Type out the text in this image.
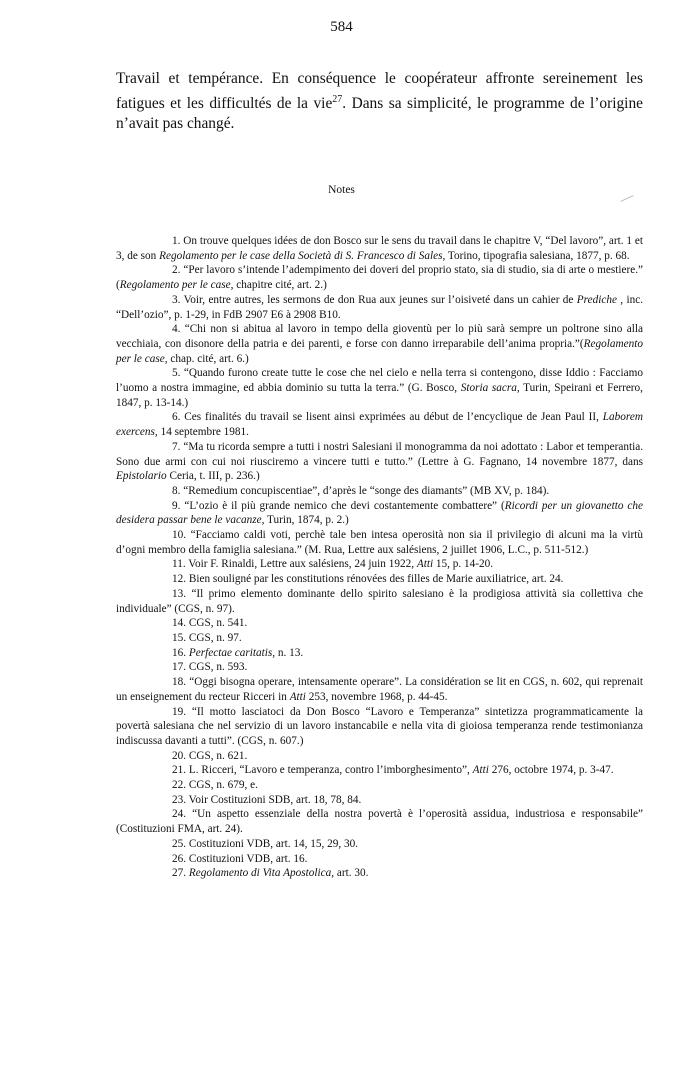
584

Travail et tempérance. En conséquence le coopérateur affronte sereinement les fatigues et les difficultés de la vie$^{27}$. Dans sa simplicité, le programme de l’origine n’avait pas changé.

Notes
1 . On trouve quelques idées de don Bosco sur le sens du travail dans le chapitre V, “Del lavoro”, art. 1 et 3, de son Regolamento per le case della Società di S. Francesco di Sales, Torino, tipografia salesiana, 1877, p. 68.
2 . “Per lavoro s’intende l’adempimento dei doveri del proprio stato, sia di studio, sia di arte o mestiere.” (Regolamento per le case, chapitre cité, art. 2.)
3 . Voir, entre autres, les sermons de don Rua aux jeunes sur l’oisiveté dans un cahier de Prediche , inc. “Dell’ozio”, p. 1-29, in FdB 2907 E6 à 2908 B10.
4 . “Chi non si abitua al lavoro in tempo della gioventù per lo più sarà sempre un poltrone sino alla vecchiaia, con disonore della patria e dei parenti, e forse con danno irreparabile dell’anima propria.”(Regolamento per le case, chap. cité, art. 6.)
5 . “Quando furono create tutte le cose che nel cielo e nella terra si contengono, disse Iddio : Facciamo l’uomo a nostra immagine, ed abbia dominio su tutta la terra.” (G. Bosco, Storia sacra, Turin, Speirani et Ferrero, 1847, p. 13-14.)
6 . Ces finalités du travail se lisent ainsi exprimées au début de l’encyclique de Jean Paul II, Laborem exercens, 14 septembre 1981.
7 . “Ma tu ricorda sempre a tutti i nostri Salesiani il monogramma da noi adottato : Labor et temperantia. Sono due armi con cui noi riusciremo a vincere tutti e tutto.” (Lettre à G. Fagnano, 14 novembre 1877, dans Epistolario Ceria, t. III, p. 236.)
8 . “Remedium concupiscentiae”, d’après le “songe des diamants” (MB XV, p. 184).
9 . “L’ozio è il più grande nemico che devi costantemente combattere” (Ricordi per un giovanetto che desidera passar bene le vacanze, Turin, 1874, p. 2.)
10 . “Facciamo caldi voti, perchè tale ben intesa operosità non sia il privilegio di alcuni ma la virtù d’ogni membro della famiglia salesiana.” (M. Rua, Lettre aux salésiens, 2 juillet 1906, L.C., p. 511-512.)
11 . Voir F. Rinaldi, Lettre aux salésiens, 24 juin 1922, Atti 15, p. 14-20.
12 . Bien souligné par les constitutions rénovées des filles de Marie auxiliatrice, art. 24.
13 . “Il primo elemento dominante dello spirito salesiano è la prodigiosa attività sia collettiva che individuale” (CGS, n. 97).
14 . CGS, n. 541.
15 . CGS, n. 97.
16 . Perfectae caritatis, n. 13.
17 . CGS, n. 593.
18 . “Oggi bisogna operare, intensamente operare”. La considération se lit en CGS, n. 602, qui reprenait un enseignement du recteur Ricceri in Atti 253, novembre 1968, p. 44-45.
19 . “Il motto lasciatoci da Don Bosco “Lavoro e Temperanza” sintetizza programmaticamente la povertà salesiana che nel servizio di un lavoro instancabile e nella vita di gioiosa temperanza rende testimonianza indiscussa davanti a tutti”. (CGS, n. 607.)
20 . CGS, n. 621.
21 . L. Ricceri, “Lavoro e temperanza, contro l’imborghesimento”, Atti 276, octobre 1974, p. 3-47.
22 . CGS, n. 679, e.
23 . Voir Costituzioni SDB, art. 18, 78, 84.
24 . “Un aspetto essenziale della nostra povertà è l’operosità assidua, industriosa e responsabile” (Costituzioni FMA, art. 24).
25 . Costituzioni VDB, art. 14, 15, 29, 30.
26 . Costituzioni VDB, art. 16.
27 . Regolamento di Vita Apostolica, art. 30.
